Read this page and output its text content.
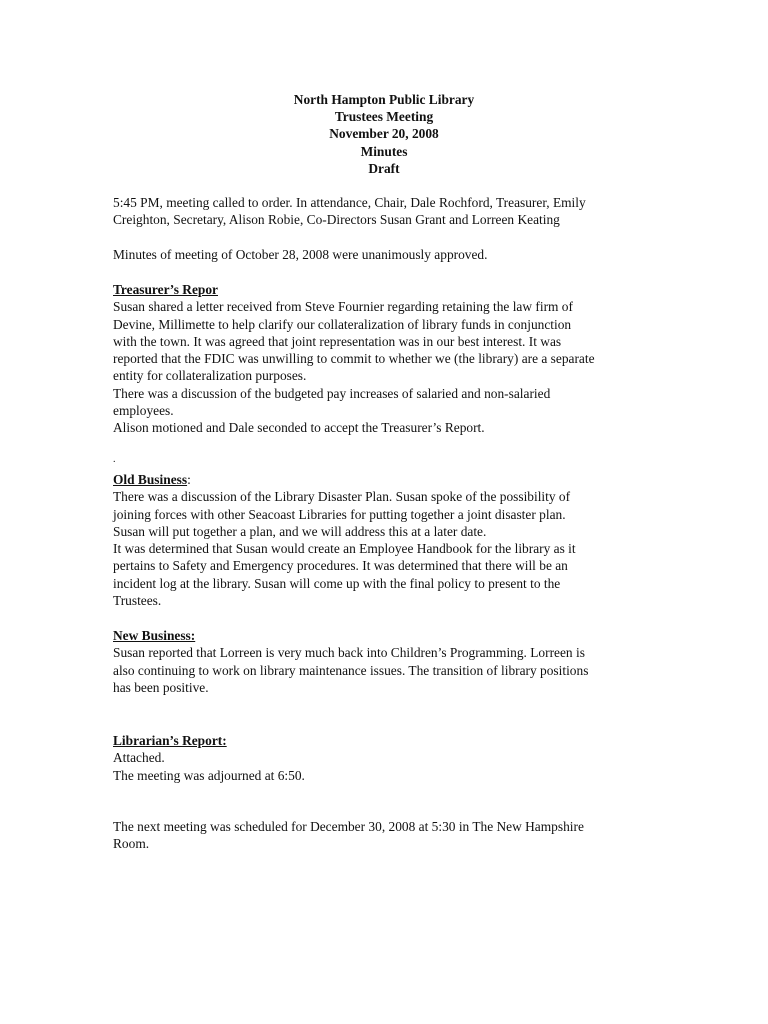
North Hampton Public Library
Trustees Meeting
November 20, 2008
Minutes
Draft

5:45 PM, meeting called to order. In attendance, Chair, Dale Rochford, Treasurer, Emily

Creighton, Secretary, Alison Robie, Co-Directors Susan Grant and Lorreen Keating

Minutes of meeting of October 28, 2008 were unanimously approved.

Treasurer’s Repor

Susan shared a letter received from Steve Fournier regarding retaining the law firm of

Devine, Millimette to help clarify our collateralization of library funds in conjunction

with the town. It was agreed that joint representation was in our best interest. It was

reported that the FDIC was unwilling to commit to whether we (the library) are a separate

entity for collateralization purposes.

There was a discussion of the budgeted pay increases of salaried and non-salaried

employees.

Alison motioned and Dale seconded to accept the Treasurer’s Report.

.

Old Business:

There was a discussion of the Library Disaster Plan. Susan spoke of the possibility of

joining forces with other Seacoast Libraries for putting together a joint disaster plan.

Susan will put together a plan, and we will address this at a later date.

It was determined that Susan would create an Employee Handbook for the library as it

pertains to Safety and Emergency procedures. It was determined that there will be an

incident log at the library. Susan will come up with the final policy to present to the

Trustees.

New Business:

Susan reported that Lorreen is very much back into Children’s Programming. Lorreen is

also continuing to work on library maintenance issues. The transition of library positions

has been positive.

Librarian’s Report:

Attached.

The meeting was adjourned at 6:50.

The next meeting was scheduled for December 30, 2008 at 5:30 in The New Hampshire

Room.
